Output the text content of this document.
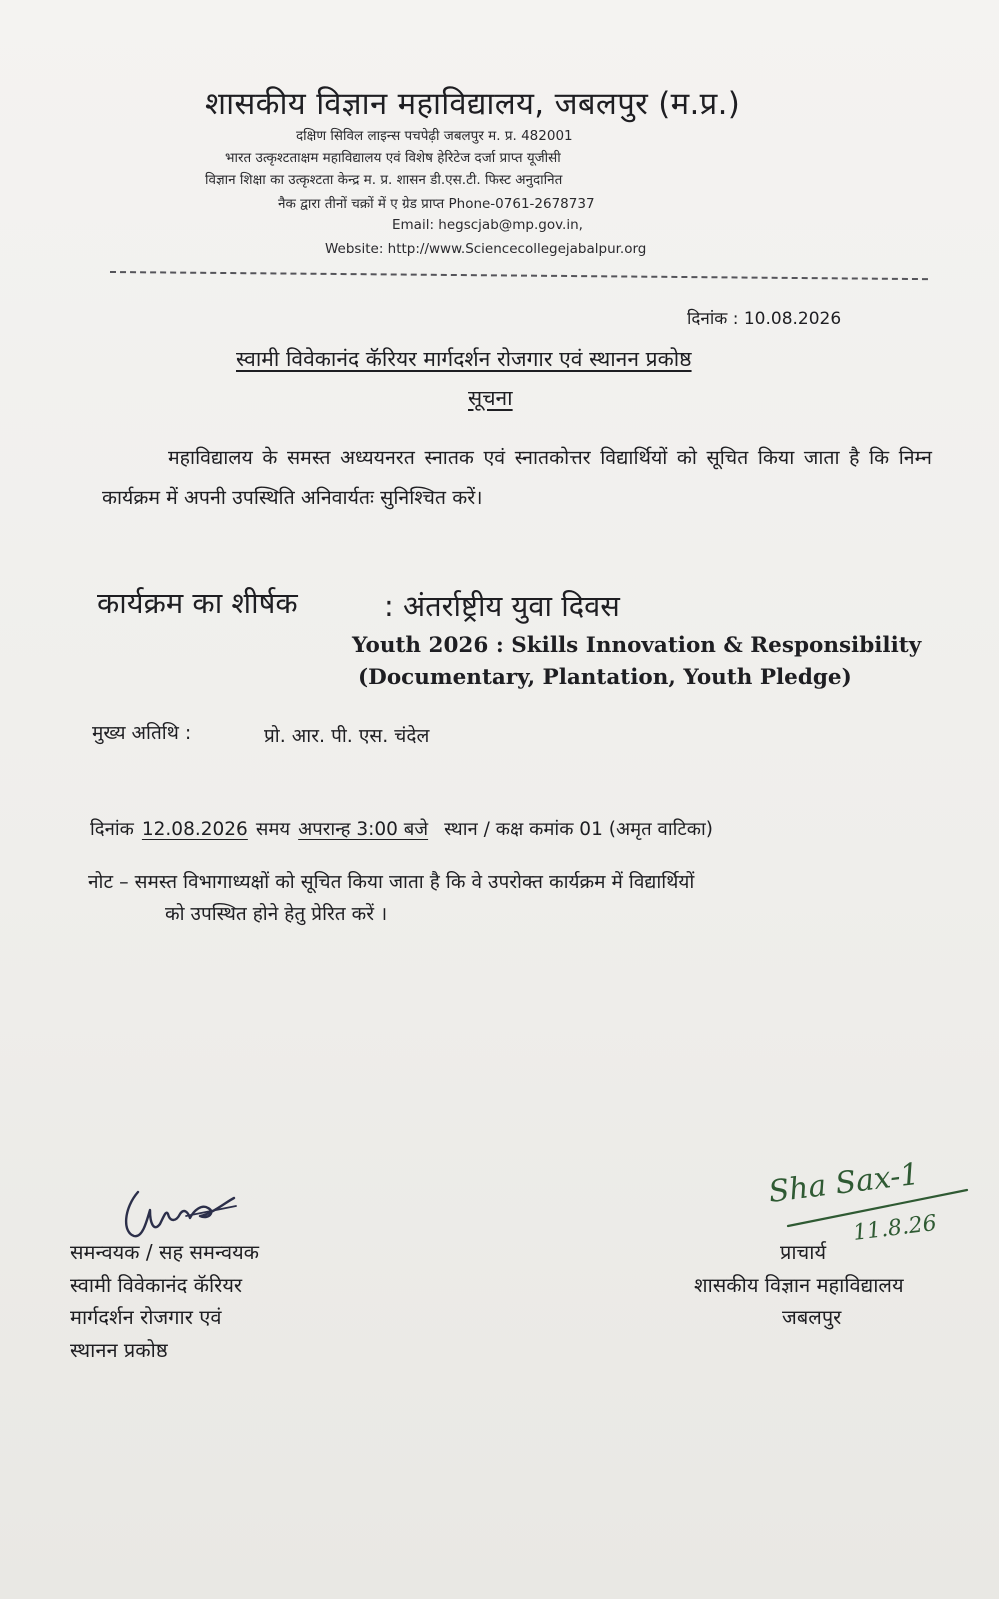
शासकीय विज्ञान महाविद्यालय, जबलपुर (म.प्र.)
दक्षिण सिविल लाइन्स पचपेढ़ी जबलपुर म. प्र. 482001
भारत उत्कृश्टताक्षम महाविद्यालय एवं विशेष हेरिटेज दर्जा प्राप्त यूजीसी
विज्ञान शिक्षा का उत्कृश्टता केन्द्र म. प्र. शासन डी.एस.टी. फिस्ट अनुदानित
नैक द्वारा तीनों चक्रों में ए ग्रेड प्राप्त Phone-0761-2678737
Email: hegscjab@mp.gov.in,
Website: http://www.Sciencecollegejabalpur.org
दिनांक : 10.08.2026
स्वामी विवेकानंद कॅरियर मार्गदर्शन रोजगार एवं स्थानन प्रकोष्ठ
सूचना
महाविद्यालय के समस्त अध्ययनरत स्नातक एवं स्नातकोत्तर विद्यार्थियों को सूचित किया जाता है कि निम्न कार्यक्रम में अपनी उपस्थिति अनिवार्यतः सुनिश्चित करें।
कार्यक्रम का शीर्षक	: अंतर्राष्ट्रीय युवा दिवस
Youth 2026 : Skills Innovation & Responsibility
(Documentary, Plantation, Youth Pledge)
मुख्य अतिथि :	प्रो. आर. पी. एस. चंदेल
दिनांक 12.08.2026 समय अपरान्ह 3:00 बजे स्थान / कक्ष कमांक 01 (अमृत वाटिका)
नोट – समस्त विभागाध्यक्षों को सूचित किया जाता है कि वे उपरोक्त कार्यक्रम में विद्यार्थियों
को उपस्थित होने हेतु प्रेरित करें ।
Sha Sax-1
11.8.26
समन्वयक / सह समन्वयक
स्वामी विवेकानंद कॅरियर
मार्गदर्शन रोजगार एवं
स्थानन प्रकोष्ठ
प्राचार्य
शासकीय विज्ञान महाविद्यालय
जबलपुर
